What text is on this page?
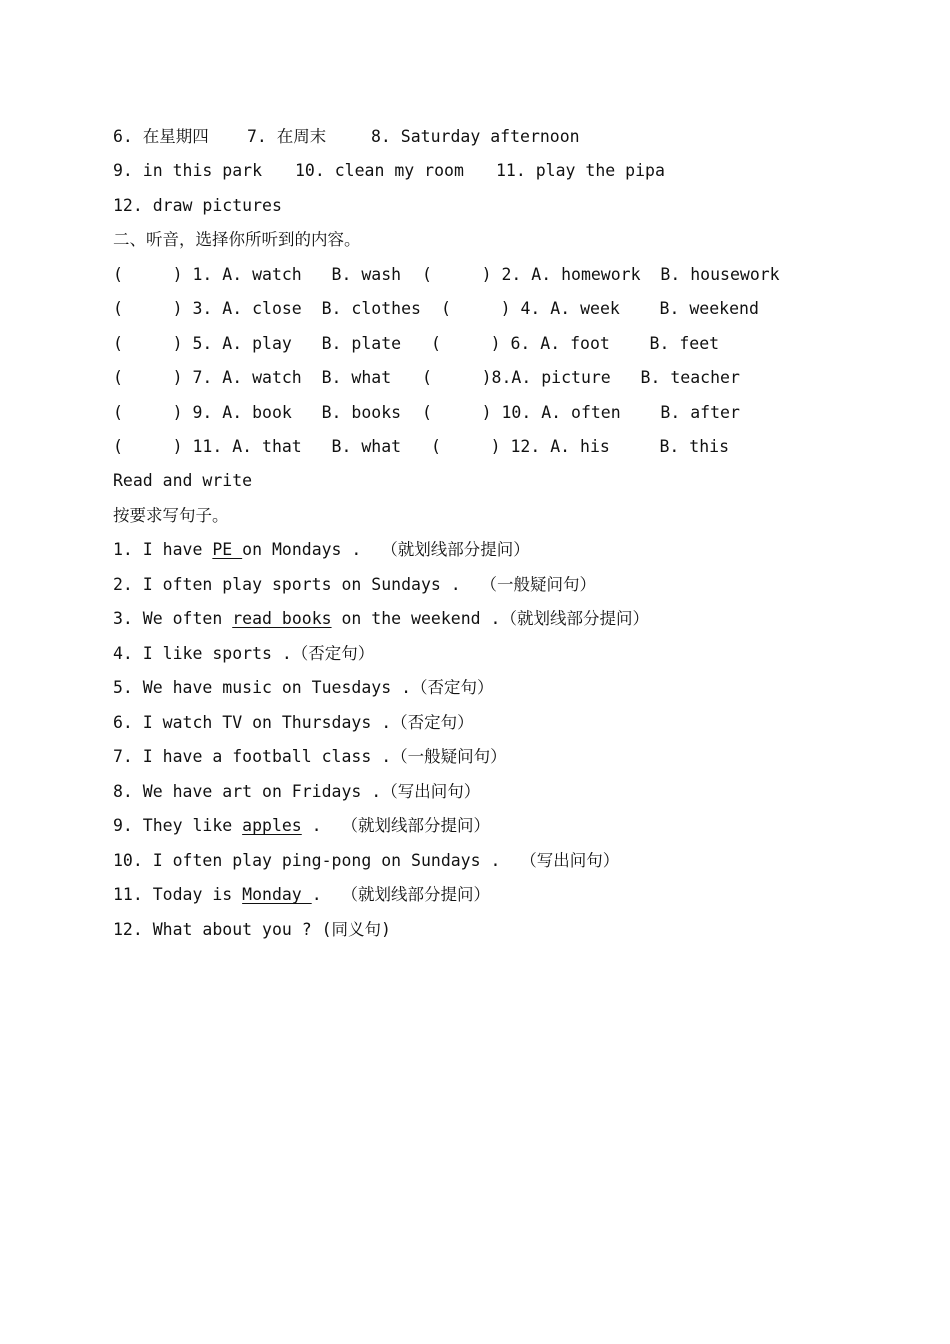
6. 在星期四 7. 在周末	8. Saturday afternoon
9. in this park 10. clean my room 11. play the pipa
12. draw pictures
二、听音，选择你所听到的内容。
(     ) 1. A. watch   B. wash (     ) 2. A. homework  B. housework
(     ) 3. A. close  B. clothes (     ) 4. A. week    B. weekend
(     ) 5. A. play   B. plate (     ) 6. A. foot    B. feet
(     ) 7. A. watch  B. what (     )8.A. picture   B. teacher
(     ) 9. A. book   B. books (     ) 10. A. often    B. after
(     ) 11. A. that   B. what (     ) 12. A. his     B. this
Read and write
按要求写句子。
1. I have PE on Mondays .  （就划线部分提问）
2. I often play sports on Sundays .  （一般疑问句）
3. We often read books on the weekend .（就划线部分提问）
4. I like sports .（否定句）
5. We have music on Tuesdays .（否定句）
6. I watch TV on Thursdays .（否定句）
7. I have a football class .（一般疑问句）
8. We have art on Fridays .（写出问句）
9. They like apples .  （就划线部分提问）
10. I often play ping-pong on Sundays .  （写出问句）
11. Today is Monday .  （就划线部分提问）
12. What about you ? (同义句)
